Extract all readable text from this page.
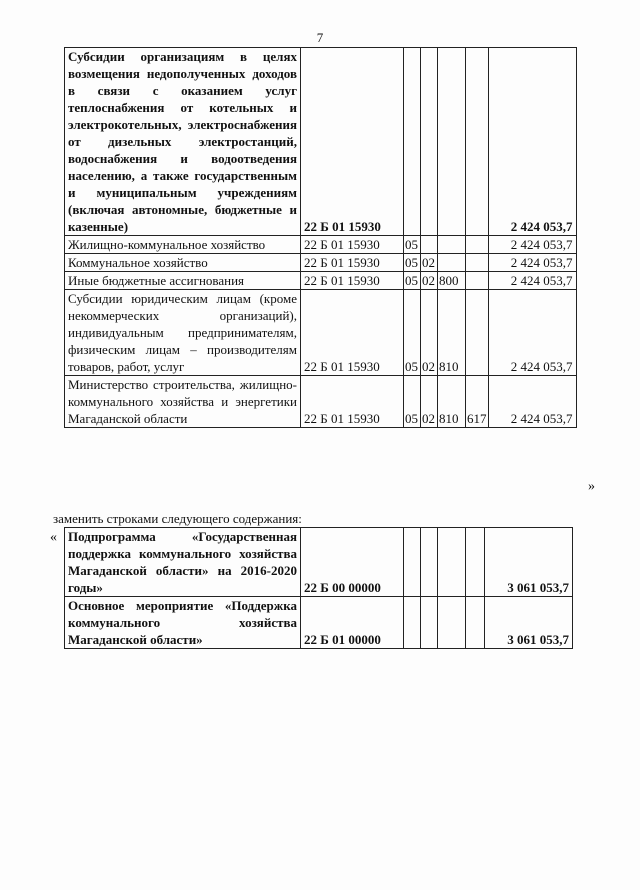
7
Субсидии организациям в целях возмещения недополученных доходов в связи с оказанием услуг теплоснабжения от котельных и электрокотельных, электроснабжения от дизельных электростанций, водоснабжения и водоотведения населению, а также государственным и муниципальным учреждениям (включая автономные, бюджетные и казенные)	22 Б 01 15930					2 424 053,7
Жилищно-коммунальное хозяйство	22 Б 01 15930	05				2 424 053,7
Коммунальное хозяйство	22 Б 01 15930	05	02			2 424 053,7
Иные бюджетные ассигнования	22 Б 01 15930	05	02	800		2 424 053,7
Субсидии юридическим лицам (кроме некоммерческих организаций), индивидуальным предпринимателям, физическим лицам – производителям товаров, работ, услуг	22 Б 01 15930	05	02	810		2 424 053,7
Министерство строительства, жилищно-коммунального хозяйства и энергетики Магаданской области	22 Б 01 15930	05	02	810	617	2 424 053,7
»
заменить строками следующего содержания:
« Подпрограмма «Государственная поддержка коммунального хозяйства Магаданской области» на 2016-2020 годы»	22 Б 00 00000					3 061 053,7
Основное мероприятие «Поддержка коммунального хозяйства Магаданской области»	22 Б 01 00000					3 061 053,7
